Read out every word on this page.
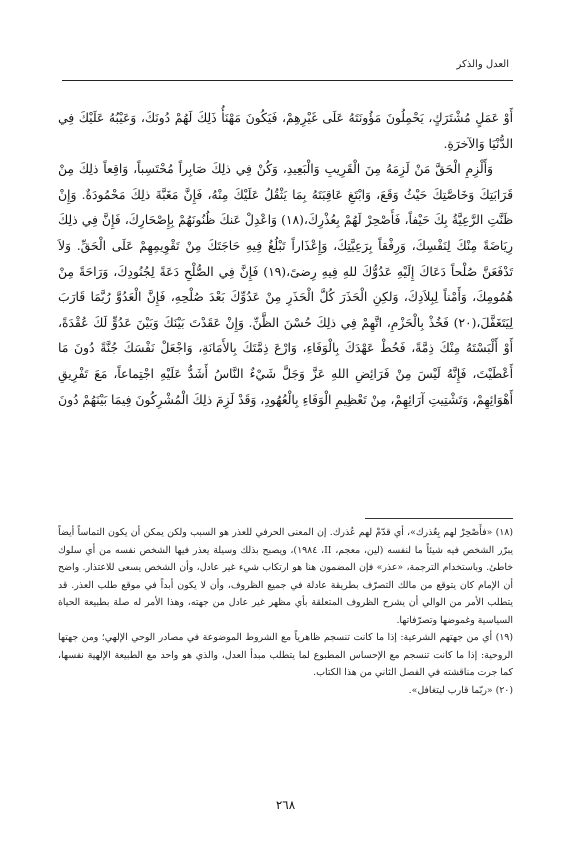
العدل والذكر

أَوْ عَمَلٍ مُشْتَرَكٍ، يَحْمِلُونَ مَؤُونَتَهُ عَلَى غَيْرِهِمْ، فَيَكُونَ مَهْنَأُ ذَلِكَ لَهُمْ دُونَكَ، وَعَيْبُهُ عَلَيْكَ فِي الدُّنْيَا وَالآخرَةِ.

وَأَلْزِمِ الْحَقَّ مَنْ لَزِمَهُ مِنَ الْقَرِيبِ وَالْبَعِيدِ، وَكُنْ فِي ذلِكَ صَابِراً مُحْتَسِباً، وَاقِعاً ذلِكَ مِنْ قَرَابَتِكَ وَخَاصَّتِكَ حَيْثُ وَقَعَ، وَابْتَغِ عَاقِبَتَهُ بِمَا يَثْقُلُ عَلَيْكَ مِنْهُ، فَإِنَّ مَغَبَّةَ ذلِكَ مَحْمُودَةٌ. وَإِنْ ظَنَّتِ الرَّعِيَّةُ بِكَ حَيْفاً، فَأَصْحِرْ لَهُمْ بِعُذْرِكَ،(١٨) وَاعْدِلْ عَنكَ ظُنُونَهُمْ بِإِصْحَارِكَ، فَإِنَّ فِي ذلِكَ رِيَاضَةً مِنْكَ لِنَفْسِكَ، وَرِفْقاً بِرَعِيَّتِكَ، وَإِعْذَاراً تَبْلُغُ فِيهِ حَاجَتَكَ مِنْ تَقْوِيمِهِمْ عَلَى الْحَقِّ. وَلاَ تَدْفَعَنَّ صُلْحاً دَعَاكَ إِلَيْهِ عَدُوُّكَ للهِ فِيهِ رِضىً،(١٩) فَإِنَّ فِي الصُّلْحِ دَعَةً لِجُنُودِكَ، وَرَاحَةً مِنْ هُمُومِكَ، وَأَمْناً لِبِلاَدِكَ، وَلكِنِ الْحَذَرَ كُلَّ الْحَذَرِ مِنْ عَدُوِّكَ بَعْدَ صُلْحِهِ، فَإِنَّ الْعَدُوَّ رُبَّمَا قَارَبَ لِيَتَغَفَّلَ،(٢٠) فَخُذْ بِالْحَزْمِ، اتَّهِمْ فِي ذلِكَ حُسْنَ الظَّنِّ. وَإِنْ عَقَدْتَ بَيْنَكَ وَبَيْنَ عَدُوٍّ لَكَ عُقْدَةً، أَوْ أَلْبَسْتَهُ مِنْكَ ذِمَّةً، فَحُطْ عَهْدَكَ بِالْوَفَاءِ، وَارْعَ ذِمَّتَكَ بِالأَمَانَةِ، وَاجْعَلْ نَفْسَكَ جُنَّةً دُونَ مَا أَعْطَيْتَ، فَإِنَّهُ لَيْسَ مِنْ فَرَائِضِ اللهِ عَزَّ وَجَلَّ شَيْءٌ النَّاسُ أَشَدُّ عَلَيْهِ اجْتِماعاً، مَعَ تَفْرِيقِ أَهْوَائِهِمْ، وَتَشْتِيتِ آرَائِهِمْ، مِنْ تَعْظِيمِ الْوَفَاءِ بِالْعُهُودِ، وَقَدْ لَزِمَ ذلِكَ الْمُشْرِكُونَ فِيمَا بَيْنَهُمْ دُونَ

(١٨) «فأَصْحِرْ لهم بِعُذرك»، أي قدّمْ لهم عُذرك. إن المعنى الحرفي للعذر هو السبب ولكن يمكن أن يكون التماساً أيضاً يبرّر الشخص فيه شيئاً ما لنفسه (لين، معجم، II، ١٩٨٤)، ويصبح بذلك وسيلة يعذر فيها الشخص نفسه من أي سلوك خاطئ. وباستخدام الترجمة، «عذر» فإن المضمون هنا هو ارتكاب شيء غير عادل، وأن الشخص يسعى للاعتذار. واضح أن الإمام كان يتوقع من مالك التصرّف بطريقة عادلة في جميع الظروف، وأن لا يكون أبداً في موقع طلب العذر. قد يتطلب الأمر من الوالي أن يشرح الظروف المتعلقة بأي مظهر غير عادل من جهته، وهذا الأمر له صلة بطبيعة الحياة السياسية وغموضها وتصرّفاتها.

(١٩) أي من جهتهم الشرعية: إذا ما كانت تنسجم ظاهرياً مع الشروط الموضوعة في مصادر الوحي الإلهي؛ ومن جهتها الروحية: إذا ما كانت تنسجم مع الإحساس المطبوع لما يتطلب مبدأ العدل، والذي هو واحد مع الطبيعة الإلهية نفسها، كما جرت مناقشته في الفصل الثاني من هذا الكتاب.

(٢٠) «ربّما قارب ليتغافل».

٢٦٨
